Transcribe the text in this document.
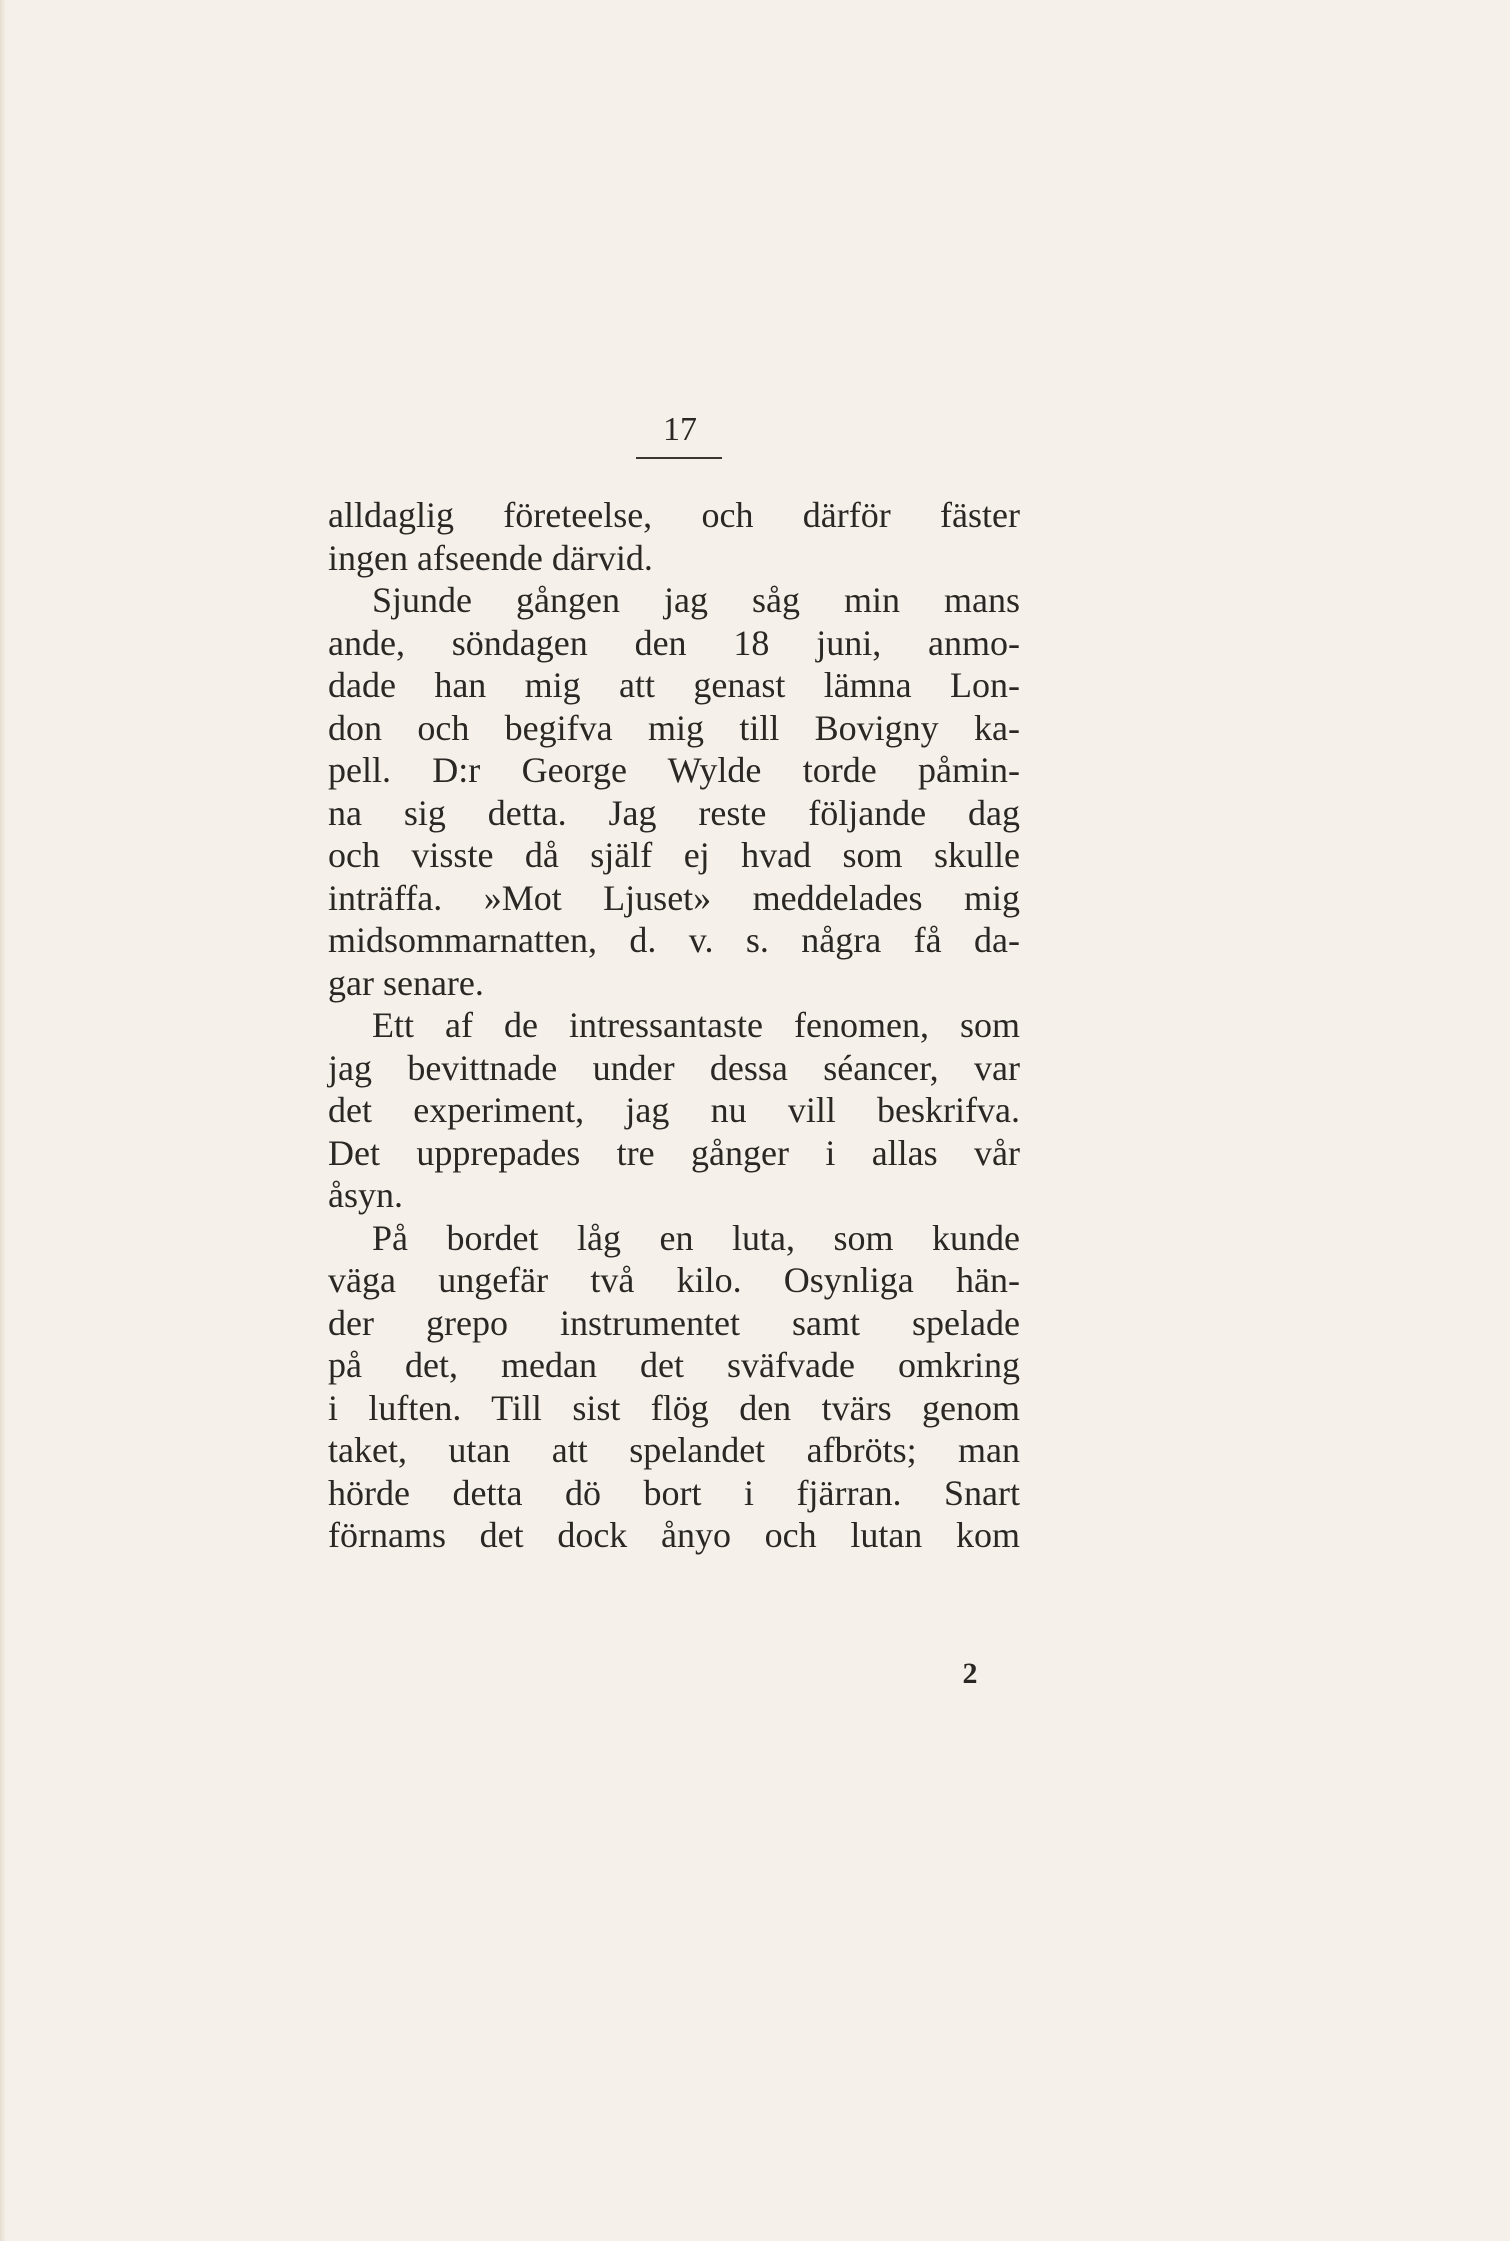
17
alldaglig företeelse, och därför fäster
ingen afseende därvid.
Sjunde gången jag såg min mans
ande, söndagen den 18 juni, anmo-
dade han mig att genast lämna Lon-
don och begifva mig till Bovigny ka-
pell. D:r George Wylde torde påmin-
na sig detta. Jag reste följande dag
och visste då själf ej hvad som skulle
inträffa. »Mot Ljuset» meddelades mig
midsommarnatten, d. v. s. några få da-
gar senare.
Ett af de intressantaste fenomen, som
jag bevittnade under dessa séancer, var
det experiment, jag nu vill beskrifva.
Det upprepades tre gånger i allas vår
åsyn.
På bordet låg en luta, som kunde
väga ungefär två kilo. Osynliga hän-
der grepo instrumentet samt spelade
på det, medan det sväfvade omkring
i luften. Till sist flög den tvärs genom
taket, utan att spelandet afbröts; man
hörde detta dö bort i fjärran. Snart
förnams det dock ånyo och lutan kom
2
